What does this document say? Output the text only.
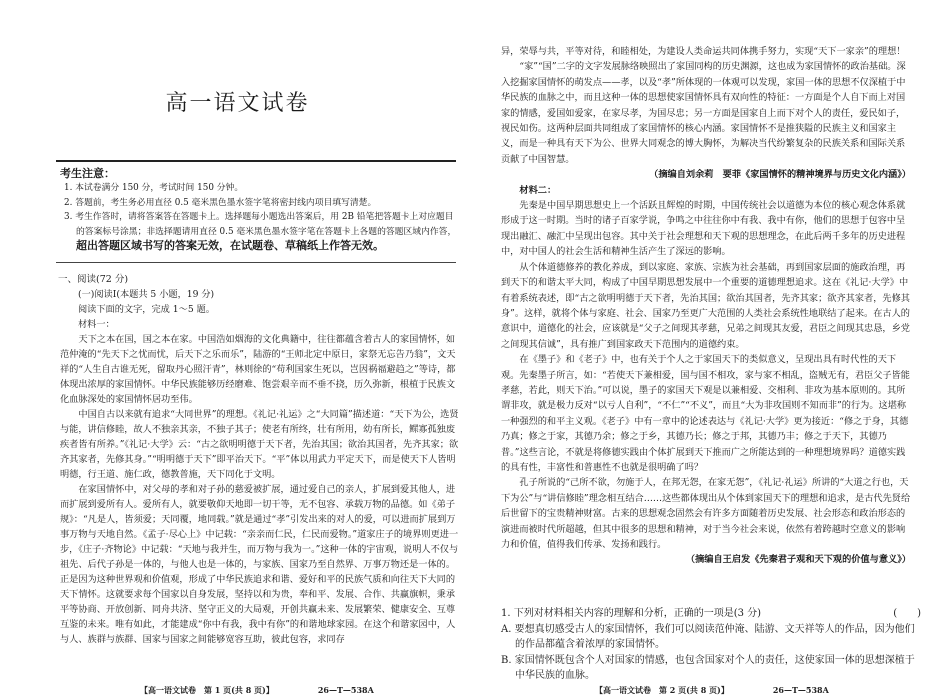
高一语文试卷
考生注意：
1. 本试卷满分 150 分，考试时间 150 分钟。
2. 答题前，考生务必用直径 0.5 毫米黑色墨水签字笔将密封线内项目填写清楚。
3. 考生作答时，请将答案答在答题卡上。选择题每小题选出答案后，用 2B 铅笔把答题卡上对应题目的答案标号涂黑；非选择题请用直径 0.5 毫米黑色墨水签字笔在答题卡上各题的答题区域内作答，超出答题区域书写的答案无效，在试题卷、草稿纸上作答无效。
一、阅读(72 分)

(一)阅读Ⅰ(本题共 5 小题，19 分)

阅读下面的文字，完成 1～5 题。

材料一：

天下之本在国，国之本在家。中国浩如烟海的文化典籍中，往往都蕴含着古人的家国情怀，如范仲淹的“先天下之忧而忧，后天下之乐而乐”，陆游的“王师北定中原日，家祭无忘告乃翁”，文天祥的“人生自古谁无死，留取丹心照汗青”，林则徐的“苟利国家生死以，岂因祸福避趋之”等诗，都体现出浓厚的家国情怀。中华民族能够历经磨难、饱尝艰辛而不垂不挠，历久弥新，根植于民族文化血脉深处的家国情怀居功至伟。

中国自古以来就有追求“大同世界”的理想。《礼记·礼运》之“大同篇”描述道：“天下为公，选贤与能，讲信修睦，故人不独亲其亲，不独子其子；使老有所终，壮有所用，幼有所长，鳏寡孤独废疾者皆有所养。”《礼记·大学》云：“古之欲明明德于天下者，先治其国；欲治其国者，先齐其家；欲齐其家者，先修其身。”“明明德于天下”即平治天下。“平”体以用武力平定天下，而是使天下人皆明明德，行王道、施仁政，德教普施，天下同化于文明。

在家国情怀中，对父母的孝和对子孙的慈爱被扩展，通过爱自己的亲人，扩展到爱其他人，进而扩展到爱所有人。爱所有人，就要敬仰天地即一切干等，无不包容、承载万物的品德。如《弟子规》：“凡是人，皆须爱；天同覆，地同载。”就是通过“孝”引发出来的对人的爱，可以进而扩展到万事万物与天地自然。《孟子·尽心上》中记载：“亲亲而仁民，仁民而爱物。”道家庄子的境界则更进一步，《庄子·齐物论》中记载：“天地与我并生，而万物与我为一。”这种一体的宇宙观，说明人不仅与祖先、后代子孙是一体的，与他人也是一体的，与家族、国家乃至自然界、万事万物还是一体的。正是因为这种世界观和价值观，形成了中华民族追求和谐、爱好和平的民族气质和向往天下大同的天下情怀。这就要求每个国家以自身发展，坚持以和为贵，奉和平、发展、合作、共赢旗帜，秉承平等协商、开放创新、同舟共济、坚守正义的大局观，开创共赢未来、发展繁荣、健康安全、互尊互鉴的未来。唯有如此，才能建成“你中有我，我中有你”的和谐地球家园。在这个和谐家园中，人与人、族群与族群、国家与国家之间能够宽容互助，彼此包容，求同存

【高一语文试卷　第 1 页(共 8 页)】　　　　　　26—T—538A

异，荣辱与共，平等对待，和睦相处，为建设人类命运共同体携手努力，实现“天下一家亲”的理想！

“家”“国”二字的文字发展脉络映照出了家国同构的历史渊源，这也成为家国情怀的政治基础。深入挖掘家国情怀的萌发点——孝，以及“孝”所体现的一体观可以发现，家国一体的思想不仅深植于中华民族的血脉之中，而且这种一体的思想使家国情怀具有双向性的特征：一方面是个人自下而上对国家的情感，爱国如爱家，在家尽孝，为国尽忠；另一方面是国家自上而下对个人的责任，爱民如子，视民如伤。这两种层面共同组成了家国情怀的核心内涵。家国情怀不是推狭隘的民族主义和国家主义，而是一种具有天下为公、世界大同观念的博大胸怀，为解决当代纷繁复杂的民族关系和国际关系贡献了中国智慧。

（摘编自刘余莉　要菲《家国情怀的精神境界与历史文化内涵》）

材料二：

先秦是中国早期思想史上一个活跃且辉煌的时期，中国传统社会以道德为本位的核心观念体系就形成于这一时期。当时的诸子百家学说，争鸣之中往往你中有我、我中有你，他们的思想于包容中呈现出融汇、融汇中呈现出包容。其中关于社会理想和天下观的思想理念，在此后两千多年的历史进程中，对中国人的社会生活和精神生活产生了深远的影响。

从个体道德修养的教化养成，到以家庭、家族、宗族为社会基础，再到国家层面的施政治理，再到天下的和谐太平大同，构成了中国早期思想发展中一个重要的道德理想追求。这在《礼记·大学》中有着系统表述，即“古之欲明明德于天下者，先治其国；欲治其国者，先齐其家；欲齐其家者，先修其身”。这样，就将个体与家庭、社会、国家乃至更广大范围的人类社会系统性地联结了起来。在古人的意识中，道德化的社会，应该就是“父子之间现其孝慈，兄弟之间现其友爱，君臣之间现其忠恳，乡党之间现其信诚”，具有推广到国家政天下范围内的道德约束。

在《墨子》和《老子》中，也有关于个人之于家国天下的类似意义，呈现出具有时代性的天下观。先秦墨子所言，如：“若使天下兼相爱，国与国不相攻，家与家不相乱，盗贼无有，君臣父子皆能孝慈，若此，则天下治。”可以说，墨子的家国天下观是以兼相爱、交相利、非攻为基本原则的。其所谓非攻，就是极力反对“以亏人自利”，“不仁”“不义”，而且“大为非攻国则不知而非”的行为。这堪称一种强烈的和平主义观。《老子》中有一章中的论述表达与《礼记·大学》更为接近：“修之于身，其德乃真；修之于家，其德乃余；修之于乡，其德乃长；修之于邦，其德乃丰；修之于天下，其德乃普。”这些言论，不就是将修德实践由个体扩展到天下推而广之所能达到的一种理想境界吗？道德实践的具有性，丰富性和普惠性不也就是很明确了吗？

孔子所说的“己所不欲，勿施于人，在邦无怨，在家无怨”，《礼记·礼运》所讲的“大道之行也，天下为公”与“讲信修睦”理念相互结合……这些都体现出从个体到家国天下的理想和追求，是古代先贤给后世留下的宝贵精神财富。古来的思想观念固然会有许多方面随着历史发展、社会形态和政治形态的演进而被时代所超越，但其中很多的思想和精神，对于当今社会来说，依然有着跨越时空意义的影响力和价值，值得我们传承、发扬和践行。

（摘编自王启发《先秦君子观和天下观的价值与意义》）
1. 下列对材料相关内容的理解和分析，正确的一项是(3 分)	(　　)
A. 要想真切感受古人的家国情怀，我们可以阅读范仲淹、陆游、文天祥等人的作品，因为他们的作品都蕴含着浓厚的家国情怀。
B. 家国情怀既包含个人对国家的情感，也包含国家对个人的责任，这使家国一体的思想深植于中华民族的血脉。
【高一语文试卷　第 2 页(共 8 页)】　　　　　　26—T—538A
